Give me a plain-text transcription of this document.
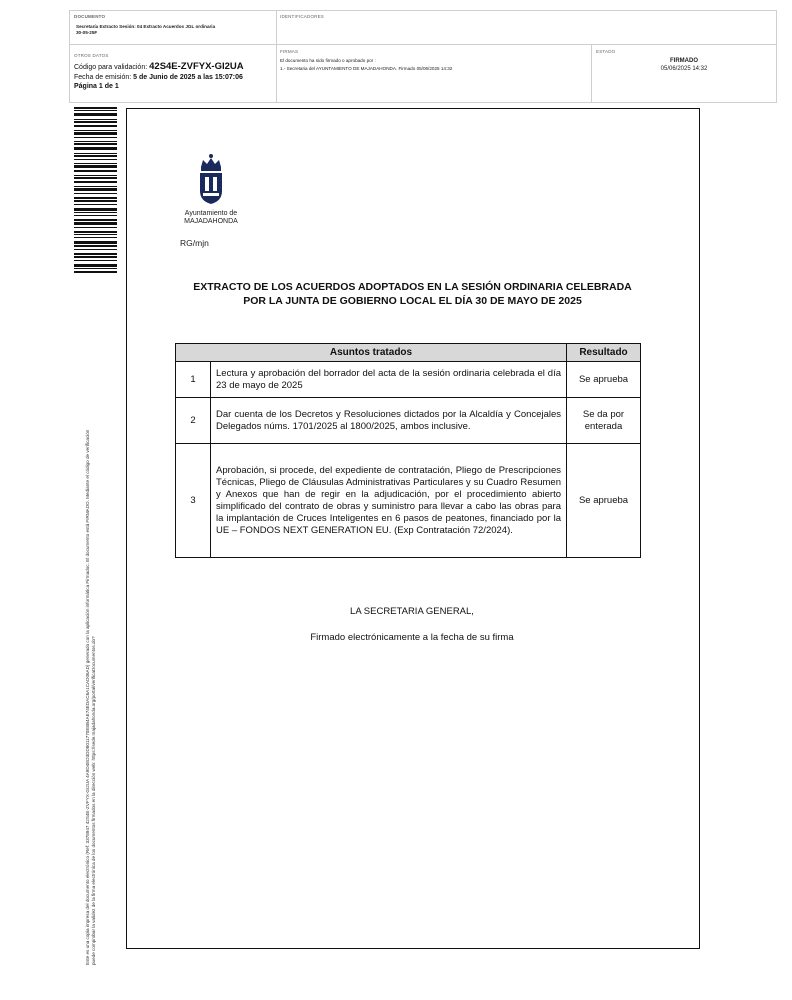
DOCUMENTO
Secretaría Extracto Sesión: 04 Extracto Acuerdos JGL ordinaria
30-05-25F
IDENTIFICADORES
OTROS DATOS
Código para validación: 42S4E-ZVFYX-GI2UA
Fecha de emisión: 5 de Junio de 2025 a las 15:07:06
Página 1 de 1
FIRMAS
El documento ha sido firmado o aprobado por :
1.- Secretaria del AYUNTAMIENTO DE MAJADAHONDA. Firmado 05/06/2025 14:32
ESTADO
FIRMADO
05/06/2025 14:32
Este es una copia impresa del documento electrónico (Ref: 3378947 42S4E-ZVFYX-GI2UA 4A9D4ED3DD8011770E8B4AE74EDAC6A1CAD06AD) generado con la aplicación informática Firmadoc. El documento está FIRMADO. Mediante el código de verificación puede comprobar la validez de la firma electrónica de los documentos firmados en la dirección web: https://sede.majadahonda.org/portal/verificaDocumentos.do?
Ayuntamiento de
MAJADAHONDA
RG/mjn
EXTRACTO DE LOS ACUERDOS ADOPTADOS EN LA SESIÓN ORDINARIA CELEBRADA
POR LA JUNTA DE GOBIERNO LOCAL EL DÍA 30 DE MAYO DE 2025
Asuntos tratados		Resultado
1	Lectura y aprobación del borrador del acta de la sesión ordinaria celebrada el día 23 de mayo de 2025	Se aprueba
2	Dar cuenta de los Decretos y Resoluciones dictados por la Alcaldía y Concejales Delegados núms. 1701/2025 al 1800/2025, ambos inclusive.	Se da por enterada
3	Aprobación, si procede, del expediente de contratación, Pliego de Prescripciones Técnicas, Pliego de Cláusulas Administrativas Particulares y su Cuadro Resumen y Anexos que han de regir en la adjudicación, por el procedimiento abierto simplificado del contrato de obras y suministro para llevar a cabo las obras para la implantación de Cruces Inteligentes en 6 pasos de peatones, financiado por la UE – FONDOS NEXT GENERATION EU. (Exp Contratación 72/2024).	Se aprueba
LA SECRETARIA GENERAL,
Firmado electrónicamente a la fecha de su firma
